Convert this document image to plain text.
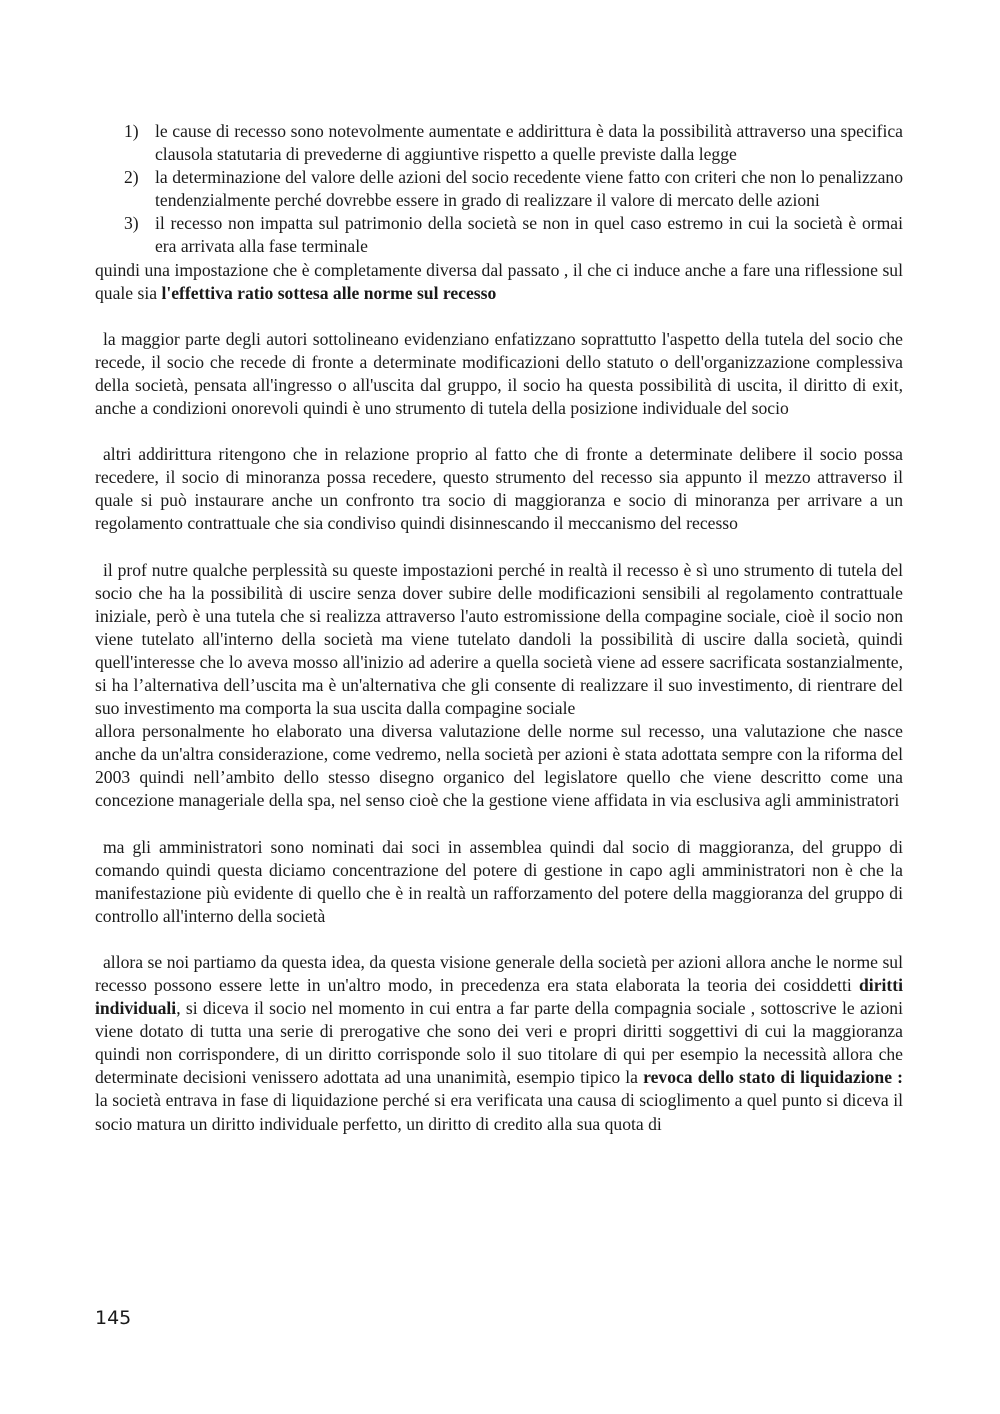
1) le cause di recesso sono notevolmente aumentate e addirittura è data la possibilità attraverso una specifica clausola statutaria di prevederne di aggiuntive rispetto a quelle previste dalla legge
2) la determinazione del valore delle azioni del socio recedente viene fatto con criteri che non lo penalizzano tendenzialmente perché dovrebbe essere in grado di realizzare il valore di mercato delle azioni
3) il recesso non impatta sul patrimonio della società se non in quel caso estremo in cui la società è ormai era arrivata alla fase terminale

quindi una impostazione che è completamente diversa dal passato , il che ci induce anche a fare una riflessione sul quale sia l'effettiva ratio sottesa alle norme sul recesso

la maggior parte degli autori sottolineano evidenziano enfatizzano soprattutto l'aspetto della tutela del socio che recede, il socio che recede di fronte a determinate modificazioni dello statuto o dell'organizzazione complessiva della società, pensata all'ingresso o all'uscita dal gruppo, il socio ha questa possibilità di uscita, il diritto di exit, anche a condizioni onorevoli quindi è uno strumento di tutela della posizione individuale del socio

altri addirittura ritengono che in relazione proprio al fatto che di fronte a determinate delibere il socio possa recedere, il socio di minoranza possa recedere, questo strumento del recesso sia appunto il mezzo attraverso il quale si può instaurare anche un confronto tra socio di maggioranza e socio di minoranza per arrivare a un regolamento contrattuale che sia condiviso quindi disinnescando il meccanismo del recesso

il prof nutre qualche perplessità su queste impostazioni perché in realtà il recesso è sì uno strumento di tutela del socio che ha la possibilità di uscire senza dover subire delle modificazioni sensibili al regolamento contrattuale iniziale, però è una tutela che si realizza attraverso l'auto estromissione della compagine sociale, cioè il socio non viene tutelato all'interno della società ma viene tutelato dandoli la possibilità di uscire dalla società, quindi quell'interesse che lo aveva mosso all'inizio ad aderire a quella società viene ad essere sacrificata sostanzialmente, si ha l’alternativa dell’uscita ma è un'alternativa che gli consente di realizzare il suo investimento, di rientrare del suo investimento ma comporta la sua uscita dalla compagine sociale

allora personalmente ho elaborato una diversa valutazione delle norme sul recesso, una valutazione che nasce anche da un'altra considerazione, come vedremo, nella società per azioni è stata adottata sempre con la riforma del 2003 quindi nell’ambito dello stesso disegno organico del legislatore quello che viene descritto come una concezione manageriale della spa, nel senso cioè che la gestione viene affidata in via esclusiva agli amministratori

ma gli amministratori sono nominati dai soci in assemblea quindi dal socio di maggioranza, del gruppo di comando quindi questa diciamo concentrazione del potere di gestione in capo agli amministratori non è che la manifestazione più evidente di quello che è in realtà un rafforzamento del potere della maggioranza del gruppo di controllo all'interno della società

allora se noi partiamo da questa idea, da questa visione generale della società per azioni allora anche le norme sul recesso possono essere lette in un'altro modo, in precedenza era stata elaborata la teoria dei cosiddetti diritti individuali, si diceva il socio nel momento in cui entra a far parte della compagnia sociale , sottoscrive le azioni viene dotato di tutta una serie di prerogative che sono dei veri e propri diritti soggettivi di cui la maggioranza quindi non corrispondere, di un diritto corrisponde solo il suo titolare di qui per esempio la necessità allora che determinate decisioni venissero adottata ad una unanimità, esempio tipico la revoca dello stato di liquidazione : la società entrava in fase di liquidazione perché si era verificata una causa di scioglimento a quel punto si diceva il socio matura un diritto individuale perfetto, un diritto di credito alla sua quota di

145
